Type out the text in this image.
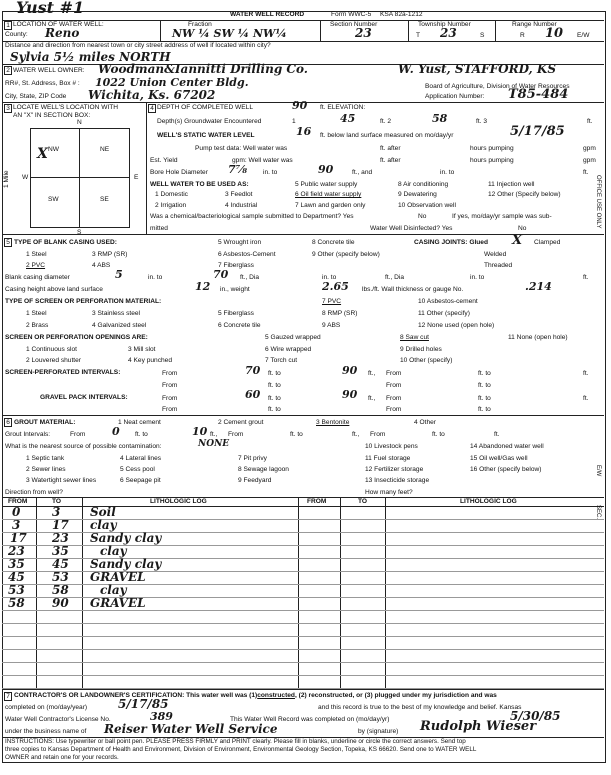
Yust #1	WATER WELL RECORD	Form WWC-5 KSA 82a-1212
1 LOCATION OF WATER WELL:	Fraction	Section Number	Township Number	Range Number
County: Reno	NW ¼ SW ¼ NW¼	23	T 23	S	R 10 E/W
Distance and direction from nearest town or city street address of well if located within city?
Sylvia 5½ miles NORTH
2 WATER WELL OWNER: Woodman&Iannitti Drilling Co.	W. Yust, STAFFORD, KS
RR#, St. Address, Box # : 1022 Union Center Bldg.	Board of Agriculture, Division of Water Resources
City, State, ZIP Code Wichita, Ks. 67202	Application Number: T85-484
3 LOCATE WELL'S LOCATION WITH
AN "X" IN SECTION BOX:
NW	NE
SW	SE
X
N
S
W	E
1 Mile
4 DEPTH OF COMPLETED WELL	90 ft. ELEVATION:
Depth(s) Groundwater Encountered	1	45	ft. 2	58	ft. 3	ft.
WELL'S STATIC WATER LEVEL	16 ft. below land surface measured on mo/day/yr	5/17/85
Pump test data: Well water was	ft. after	hours pumping	gpm
Est. Yield	gpm: Well water was	ft. after	hours pumping	gpm
Bore Hole Diameter 7⅞ in. to	90	ft., and	in. to	ft.
WELL WATER TO BE USED AS:
1 Domestic
2 Irrigation
3 Feedlot
4 Industrial
5 Public water supply
6 Oil field water supply
7 Lawn and garden only
8 Air conditioning
9 Dewatering
10 Observation well
11 Injection well
12 Other (Specify below)
Was a chemical/bacteriological sample submitted to Department? Yes	No	If yes, mo/day/yr sample was sub-
mitted	Water Well Disinfected? Yes	No
5 TYPE OF BLANK CASING USED:
1 Steel
2 PVC
3 RMP (SR)
4 ABS
5 Wrought iron
6 Asbestos-Cement
7 Fiberglass
8 Concrete tile
9 Other (specify below)
CASING JOINTS: Glued X Clamped
Welded
Threaded
Blank casing diameter	5	in. to	70 ft., Dia	in. to	ft., Dia	in. to	ft.
Casing height above land surface	12 in., weight	2.65 lbs./ft. Wall thickness or gauge No.	.214
TYPE OF SCREEN OR PERFORATION MATERIAL:
1 Steel
2 Brass
3 Stainless steel
4 Galvanized steel
5 Fiberglass
6 Concrete tile
7 PVC
8 RMP (SR)
9 ABS
10 Asbestos-cement
11 Other (specify)
12 None used (open hole)
SCREEN OR PERFORATION OPENINGS ARE:
1 Continuous slot
2 Louvered shutter
3 Mill slot
4 Key punched
5 Gauzed wrapped
6 Wire wrapped
7 Torch cut
8 Saw cut
9 Drilled holes
10 Other (specify)
11 None (open hole)
SCREEN-PERFORATED INTERVALS:	From	70 ft. to	90 ft., From	ft. to	ft.
From	ft. to	From	ft. to
GRAVEL PACK INTERVALS:	From	60 ft. to	90 ft., From	ft. to	ft.
From	ft. to	From	ft. to
6 GROUT MATERIAL:	1 Neat cement	2 Cement grout	3 Bentonite	4 Other
Grout Intervals:	From 0 ft. to	10 ft., From	ft. to	ft., From	ft. to	ft.
What is the nearest source of possible contamination:	NONE
1 Septic tank
2 Sewer lines
3 Watertight sewer lines
4 Lateral lines
5 Cess pool
6 Seepage pit
7 Pit privy
8 Sewage lagoon
9 Feedyard
10 Livestock pens
11 Fuel storage
12 Fertilizer storage
13 Insecticide storage
14 Abandoned water well
15 Oil well/Gas well
16 Other (specify below)
Direction from well?	How many feet?
FROM	TO	LITHOLOGIC LOG	FROM	TO	LITHOLOGIC LOG
0	3 Soil
3	17 clay
17 23 Sandy clay
23 35	clay
35 45 Sandy clay
45 53 GRAVEL
53 58	clay
58 90 GRAVEL
7 CONTRACTOR'S OR LANDOWNER'S CERTIFICATION: This water well was (1)constructed, (2) reconstructed, or (3) plugged under my jurisdiction and was
completed on (mo/day/year)	5/17/85	and this record is true to the best of my knowledge and belief. Kansas
Water Well Contractor's License No.	389	This Water Well Record was completed on (mo/day/yr)	5/30/85
under the business name of Reiser Water Well Service	by (signature) Rudolph Wieser
INSTRUCTIONS: Use typewriter or ball point pen. PLEASE PRESS FIRMLY and PRINT clearly. Please fill in blanks, underline or circle the correct answers. Send top
three copies to Kansas Department of Health and Environment, Division of Environment, Environmental Geology Section, Topeka, KS 66620. Send one to WATER WELL
OWNER and retain one for your records.
OFFICE USE ONLY
E/W
SEC.
